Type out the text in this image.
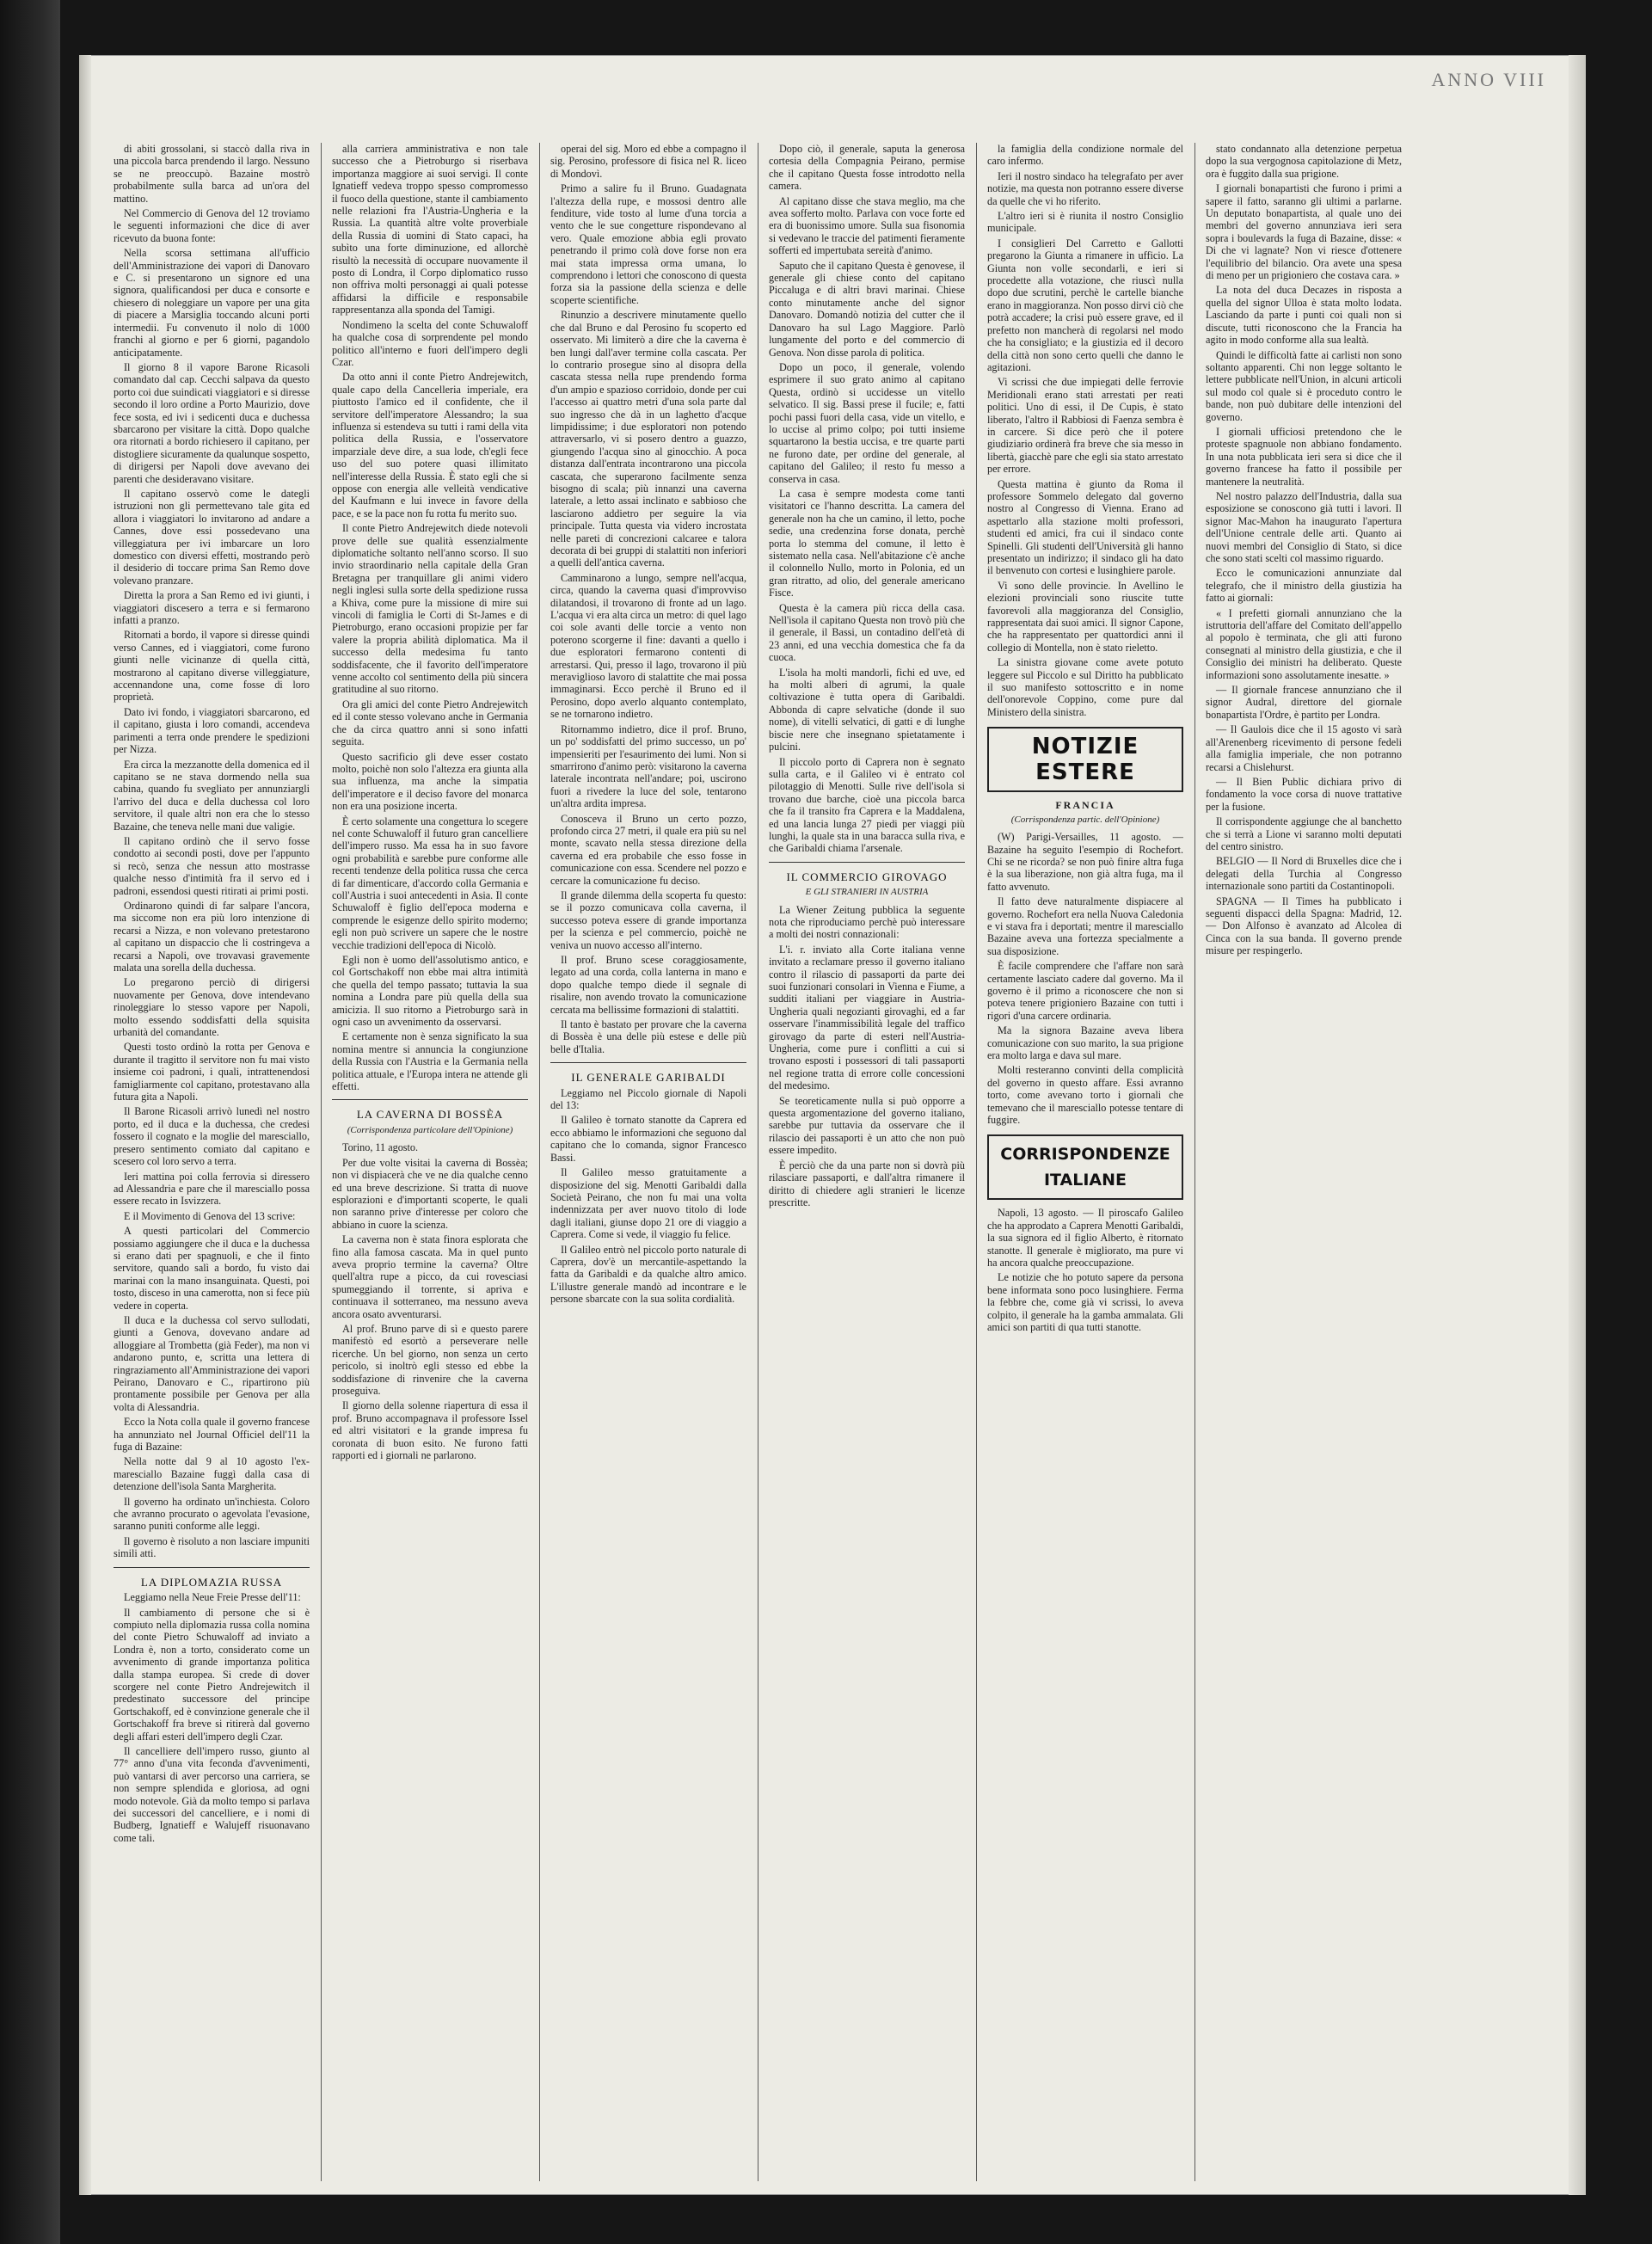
ANNO VIII

di abiti grossolani, si staccò dalla riva in una piccola barca prendendo il largo. Nessuno se ne preoccupò. Bazaine mostrò probabilmente sulla barca ad un'ora del mattino.

Nel Commercio di Genova del 12 troviamo le seguenti informazioni che dice di aver ricevuto da buona fonte:

Nella scorsa settimana all'ufficio dell'Amministrazione dei vapori di Danovaro e C. si presentarono un signore ed una signora, qualificandosi per duca e consorte e chiesero di noleggiare un vapore per una gita di piacere a Marsiglia toccando alcuni porti intermedii. Fu convenuto il nolo di 1000 franchi al giorno e per 6 giorni, pagandolo anticipatamente.

Il giorno 8 il vapore Barone Ricasoli comandato dal cap. Cecchi salpava da questo porto coi due suindicati viaggiatori e si diresse secondo il loro ordine a Porto Maurizio, dove fece sosta, ed ivi i sedicenti duca e duchessa sbarcarono per visitare la città. Dopo qualche ora ritornati a bordo richiesero il capitano, per distogliere sicuramente da qualunque sospetto, di dirigersi per Napoli dove avevano dei parenti che desideravano visitare.

Il capitano osservò come le dategli istruzioni non gli permettevano tale gita ed allora i viaggiatori lo invitarono ad andare a Cannes, dove essi possedevano una villeggiatura per ivi imbarcare un loro domestico con diversi effetti, mostrando però il desiderio di toccare prima San Remo dove volevano pranzare.

Diretta la prora a San Remo ed ivi giunti, i viaggiatori discesero a terra e si fermarono infatti a pranzo.

Ritornati a bordo, il vapore si diresse quindi verso Cannes, ed i viaggiatori, come furono giunti nelle vicinanze di quella città, mostrarono al capitano diverse villeggiature, accennandone una, come fosse di loro proprietà.

Dato ivi fondo, i viaggiatori sbarcarono, ed il capitano, giusta i loro comandi, accendeva parimenti a terra onde prendere le spedizioni per Nizza.

Era circa la mezzanotte della domenica ed il capitano se ne stava dormendo nella sua cabina, quando fu svegliato per annunziargli l'arrivo del duca e della duchessa col loro servitore, il quale altri non era che lo stesso Bazaine, che teneva nelle mani due valigie.

Il capitano ordinò che il servo fosse condotto ai secondi posti, dove per l'appunto si recò, senza che nessun atto mostrasse qualche nesso d'intimità fra il servo ed i padroni, essendosi questi ritirati ai primi posti.

Ordinarono quindi di far salpare l'ancora, ma siccome non era più loro intenzione di recarsi a Nizza, e non volevano pretestarono al capitano un dispaccio che li costringeva a recarsi a Napoli, ove trovavasi gravemente malata una sorella della duchessa.

Lo pregarono perciò di dirigersi nuovamente per Genova, dove intendevano rinoleggiare lo stesso vapore per Napoli, molto essendo soddisfatti della squisita urbanità del comandante.

Questi tosto ordinò la rotta per Genova e durante il tragitto il servitore non fu mai visto insieme coi padroni, i quali, intrattenendosi famigliarmente col capitano, protestavano alla futura gita a Napoli.

Il Barone Ricasoli arrivò lunedì nel nostro porto, ed il duca e la duchessa, che credesi fossero il cognato e la moglie del maresciallo, presero sentimento comiato dal capitano e scesero col loro servo a terra.

Ieri mattina poi colla ferrovia si diressero ad Alessandria e pare che il maresciallo possa essere recato in Isvizzera.

E il Movimento di Genova del 13 scrive:

A questi particolari del Commercio possiamo aggiungere che il duca e la duchessa si erano dati per spagnuoli, e che il finto servitore, quando salì a bordo, fu visto dai marinai con la mano insanguinata. Questi, poi tosto, disceso in una camerotta, non si fece più vedere in coperta.

Il duca e la duchessa col servo sullodati, giunti a Genova, dovevano andare ad alloggiare al Trombetta (già Feder), ma non vi andarono punto, e, scritta una lettera di ringraziamento all'Amministrazione dei vapori Peirano, Danovaro e C., ripartirono più prontamente possibile per Genova per alla volta di Alessandria.

Ecco la Nota colla quale il governo francese ha annunziato nel Journal Officiel dell'11 la fuga di Bazaine:

Nella notte dal 9 al 10 agosto l'ex-maresciallo Bazaine fuggì dalla casa di detenzione dell'isola Santa Margherita.

Il governo ha ordinato un'inchiesta. Coloro che avranno procurato o agevolata l'evasione, saranno puniti conforme alle leggi.

Il governo è risoluto a non lasciare impuniti simili atti.

LA DIPLOMAZIA RUSSA

Leggiamo nella Neue Freie Presse dell'11:

Il cambiamento di persone che si è compiuto nella diplomazia russa colla nomina del conte Pietro Schuwaloff ad inviato a Londra è, non a torto, considerato come un avvenimento di grande importanza politica dalla stampa europea. Si crede di dover scorgere nel conte Pietro Andrejewitch il predestinato successore del principe Gortschakoff, ed è convinzione generale che il Gortschakoff fra breve si ritirerà dal governo degli affari esteri dell'impero degli Czar.

Il cancelliere dell'impero russo, giunto al 77° anno d'una vita feconda d'avvenimenti, può vantarsi di aver percorso una carriera, se non sempre splendida e gloriosa, ad ogni modo notevole. Già da molto tempo si parlava dei successori del cancelliere, e i nomi di Budberg, Ignatieff e Walujeff risuonavano come tali.

alla carriera amministrativa e non tale successo che a Pietroburgo si riserbava importanza maggiore ai suoi servigi. Il conte Ignatieff vedeva troppo spesso compromesso il fuoco della questione, stante il cambiamento nelle relazioni fra l'Austria-Ungheria e la Russia. La quantità altre volte proverbiale della Russia di uomini di Stato capaci, ha subìto una forte diminuzione, ed allorchè risultò la necessità di occupare nuovamente il posto di Londra, il Corpo diplomatico russo non offriva molti personaggi ai quali potesse affidarsi la difficile e responsabile rappresentanza alla sponda del Tamigi.

Nondimeno la scelta del conte Schuwaloff ha qualche cosa di sorprendente pel mondo politico all'interno e fuori dell'impero degli Czar.

Da otto anni il conte Pietro Andrejewitch, quale capo della Cancelleria imperiale, era piuttosto l'amico ed il confidente, che il servitore dell'imperatore Alessandro; la sua influenza si estendeva su tutti i rami della vita politica della Russia, e l'osservatore imparziale deve dire, a sua lode, ch'egli fece uso del suo potere quasi illimitato nell'interesse della Russia. È stato egli che si oppose con energia alle velleità vendicative del Kaufmann e lui invece in favore della pace, e se la pace non fu rotta fu merito suo.

Il conte Pietro Andrejewitch diede notevoli prove delle sue qualità essenzialmente diplomatiche soltanto nell'anno scorso. Il suo invio straordinario nella capitale della Gran Bretagna per tranquillare gli animi videro negli inglesi sulla sorte della spedizione russa a Khiva, come pure la missione di mire sui vincoli di famiglia le Corti di St-James e di Pietroburgo, erano occasioni propizie per far valere la propria abilità diplomatica. Ma il successo della medesima fu tanto soddisfacente, che il favorito dell'imperatore venne accolto col sentimento della più sincera gratitudine al suo ritorno.

Ora gli amici del conte Pietro Andrejewitch ed il conte stesso volevano anche in Germania che da circa quattro anni si sono infatti seguita.

Questo sacrificio gli deve esser costato molto, poichè non solo l'altezza era giunta alla sua influenza, ma anche la simpatia dell'imperatore e il deciso favore del monarca non era una posizione incerta.

È certo solamente una congettura lo scegere nel conte Schuwaloff il futuro gran cancelliere dell'impero russo. Ma essa ha in suo favore ogni probabilità e sarebbe pure conforme alle recenti tendenze della politica russa che cerca di far dimenticare, d'accordo colla Germania e coll'Austria i suoi antecedenti in Asia. Il conte Schuwaloff è figlio dell'epoca moderna e comprende le esigenze dello spirito moderno; egli non può scrivere un sapere che le nostre vecchie tradizioni dell'epoca di Nicolò.

Egli non è uomo dell'assolutismo antico, e col Gortschakoff non ebbe mai altra intimità che quella del tempo passato; tuttavia la sua nomina a Londra pare più quella della sua amicizia. Il suo ritorno a Pietroburgo sarà in ogni caso un avvenimento da osservarsi.

E certamente non è senza significato la sua nomina mentre si annuncia la congiunzione della Russia con l'Austria e la Germania nella politica attuale, e l'Europa intera ne attende gli effetti.

LA CAVERNA DI BOSSÈA
(Corrispondenza particolare dell'Opinione)

Torino, 11 agosto.

Per due volte visitai la caverna di Bossèa; non vi dispiacerà che ve ne dia qualche cenno ed una breve descrizione. Si tratta di nuove esplorazioni e d'importanti scoperte, le quali non saranno prive d'interesse per coloro che abbiano in cuore la scienza.

La caverna non è stata finora esplorata che fino alla famosa cascata. Ma in quel punto aveva proprio termine la caverna? Oltre quell'altra rupe a picco, da cui rovesciasi spumeggiando il torrente, si apriva e continuava il sotterraneo, ma nessuno aveva ancora osato avventurarsi.

Al prof. Bruno parve di sì e questo parere manifestò ed esortò a perseverare nelle ricerche. Un bel giorno, non senza un certo pericolo, si inoltrò egli stesso ed ebbe la soddisfazione di rinvenire che la caverna proseguiva.

Il giorno della solenne riapertura di essa il prof. Bruno accompagnava il professore Issel ed altri visitatori e la grande impresa fu coronata di buon esito. Ne furono fatti rapporti ed i giornali ne parlarono.

operai del sig. Moro ed ebbe a compagno il sig. Perosino, professore di fisica nel R. liceo di Mondovì.

Primo a salire fu il Bruno. Guadagnata l'altezza della rupe, e mossosi dentro alle fenditure, vide tosto al lume d'una torcia a vento che le sue congetture rispondevano al vero. Quale emozione abbia egli provato penetrando il primo colà dove forse non era mai stata impressa orma umana, lo comprendono i lettori che conoscono di questa forza sia la passione della scienza e delle scoperte scientifiche.

Rinunzio a descrivere minutamente quello che dal Bruno e dal Perosino fu scoperto ed osservato. Mi limiterò a dire che la caverna è ben lungi dall'aver termine colla cascata. Per lo contrario prosegue sino al disopra della cascata stessa nella rupe prendendo forma d'un ampio e spazioso corridoio, donde per cui l'accesso ai quattro metri d'una sola parte dal suo ingresso che dà in un laghetto d'acque limpidissime; i due esploratori non potendo attraversarlo, vi si posero dentro a guazzo, giungendo l'acqua sino al ginocchio. A poca distanza dall'entrata incontrarono una piccola cascata, che superarono facilmente senza bisogno di scala; più innanzi una caverna laterale, a letto assai inclinato e sabbioso che lasciarono addietro per seguire la via principale. Tutta questa via videro incrostata nelle pareti di concrezioni calcaree e talora decorata di bei gruppi di stalattiti non inferiori a quelli dell'antica caverna.

Camminarono a lungo, sempre nell'acqua, circa, quando la caverna quasi d'improvviso dilatandosi, il trovarono di fronte ad un lago. L'acqua vi era alta circa un metro: di quel lago coi sole avanti delle torcie a vento non poterono scorgerne il fine: davanti a quello i due esploratori fermarono contenti di arrestarsi. Qui, presso il lago, trovarono il più meraviglioso lavoro di stalattite che mai possa immaginarsi. Ecco perchè il Bruno ed il Perosino, dopo averlo alquanto contemplato, se ne tornarono indietro.

Ritornammo indietro, dice il prof. Bruno, un po' soddisfatti del primo successo, un po' impensieriti per l'esaurimento dei lumi. Non si smarrirono d'animo però: visitarono la caverna laterale incontrata nell'andare; poi, uscirono fuori a rivedere la luce del sole, tentarono un'altra ardita impresa.

Conosceva il Bruno un certo pozzo, profondo circa 27 metri, il quale era più su nel monte, scavato nella stessa direzione della caverna ed era probabile che esso fosse in comunicazione con essa. Scendere nel pozzo e cercare la comunicazione fu deciso.

Il grande dilemma della scoperta fu questo: se il pozzo comunicava colla caverna, il successo poteva essere di grande importanza per la scienza e pel commercio, poichè ne veniva un nuovo accesso all'interno.

Il prof. Bruno scese coraggiosamente, legato ad una corda, colla lanterna in mano e dopo qualche tempo diede il segnale di risalire, non avendo trovato la comunicazione cercata ma bellissime formazioni di stalattiti.

Il tanto è bastato per provare che la caverna di Bossèa è una delle più estese e delle più belle d'Italia.

IL GENERALE GARIBALDI

Leggiamo nel Piccolo giornale di Napoli del 13:

Il Galileo è tornato stanotte da Caprera ed ecco abbiamo le informazioni che seguono dal capitano che lo comanda, signor Francesco Bassi.

Il Galileo messo gratuitamente a disposizione del sig. Menotti Garibaldi dalla Società Peirano, che non fu mai una volta indennizzata per aver nuovo titolo di lode dagli italiani, giunse dopo 21 ore di viaggio a Caprera. Come si vede, il viaggio fu felice.

Il Galileo entrò nel piccolo porto naturale di Caprera, dov'è un mercantile-aspettando la fatta da Garibaldi e da qualche altro amico. L'illustre generale mandò ad incontrare e le persone sbarcate con la sua solita cordialità.

Dopo ciò, il generale, saputa la generosa cortesia della Compagnia Peirano, permise che il capitano Questa fosse introdotto nella camera.

Al capitano disse che stava meglio, ma che avea sofferto molto. Parlava con voce forte ed era di buonissimo umore. Sulla sua fisonomia si vedevano le traccie del patimenti fieramente sofferti ed impertubata sereità d'animo.

Saputo che il capitano Questa è genovese, il generale gli chiese conto del capitano Piccaluga e di altri bravi marinai. Chiese conto minutamente anche del signor Danovaro. Domandò notizia del cutter che il Danovaro ha sul Lago Maggiore. Parlò lungamente del porto e del commercio di Genova. Non disse parola di politica.

Dopo un poco, il generale, volendo esprimere il suo grato animo al capitano Questa, ordinò si uccidesse un vitello selvatico. Il sig. Bassi prese il fucile; e, fatti pochi passi fuori della casa, vide un vitello, e lo uccise al primo colpo; poi tutti insieme squartarono la bestia uccisa, e tre quarte parti ne furono date, per ordine del generale, al capitano del Galileo; il resto fu messo a conserva in casa.

La casa è sempre modesta come tanti visitatori ce l'hanno descritta. La camera del generale non ha che un camino, il letto, poche sedie, una credenzina forse donata, perchè porta lo stemma del comune, il letto è sistemato nella casa. Nell'abitazione c'è anche il colonnello Nullo, morto in Polonia, ed un gran ritratto, ad olio, del generale americano Fisce.

Questa è la camera più ricca della casa. Nell'isola il capitano Questa non trovò più che il generale, il Bassi, un contadino dell'età di 23 anni, ed una vecchia domestica che fa da cuoca.

L'isola ha molti mandorli, fichi ed uve, ed ha molti alberi di agrumi, la quale coltivazione è tutta opera di Garibaldi. Abbonda di capre selvatiche (donde il suo nome), di vitelli selvatici, di gatti e di lunghe biscie nere che insegnano spietatamente i pulcini.

Il piccolo porto di Caprera non è segnato sulla carta, e il Galileo vi è entrato col pilotaggio di Menotti. Sulle rive dell'isola si trovano due barche, cioè una piccola barca che fa il transito fra Caprera e la Maddalena, ed una lancia lunga 27 piedi per viaggi più lunghi, la quale sta in una baracca sulla riva, e che Garibaldi chiama l'arsenale.

IL COMMERCIO GIROVAGO
E GLI STRANIERI IN AUSTRIA

La Wiener Zeitung pubblica la seguente nota che riproduciamo perchè può interessare a molti dei nostri connazionali:

L'i. r. inviato alla Corte italiana venne invitato a reclamare presso il governo italiano contro il rilascio di passaporti da parte dei suoi funzionari consolari in Vienna e Fiume, a sudditi italiani per viaggiare in Austria-Ungheria quali negozianti girovaghi, ed a far osservare l'inammissibilità legale del traffico girovago da parte di esteri nell'Austria-Ungheria, come pure i conflitti a cui si trovano esposti i possessori di tali passaporti nel regione tratta di errore colle concessioni del medesimo.

Se teoreticamente nulla si può opporre a questa argomentazione del governo italiano, sarebbe pur tuttavia da osservare che il rilascio dei passaporti è un atto che non può essere impedito.

È perciò che da una parte non si dovrà più rilasciare passaporti, e dall'altra rimanere il diritto di chiedere agli stranieri le licenze prescritte.

la famiglia della condizione normale del caro infermo.

Ieri il nostro sindaco ha telegrafato per aver notizie, ma questa non potranno essere diverse da quelle che vi ho riferito.

L'altro ieri si è riunita il nostro Consiglio municipale.

I consiglieri Del Carretto e Gallotti pregarono la Giunta a rimanere in ufficio. La Giunta non volle secondarli, e ieri si procedette alla votazione, che riuscì nulla dopo due scrutini, perchè le cartelle bianche erano in maggioranza. Non posso dirvi ciò che potrà accadere; la crisi può essere grave, ed il prefetto non mancherà di regolarsi nel modo che ha consigliato; e la giustizia ed il decoro della città non sono certo quelli che danno le agitazioni.

Vi scrissi che due impiegati delle ferrovie Meridionali erano stati arrestati per reati politici. Uno di essi, il De Cupis, è stato liberato, l'altro il Rabbiosi di Faenza sembra è in carcere. Si dice però che il potere giudiziario ordinerà fra breve che sia messo in libertà, giacchè pare che egli sia stato arrestato per errore.

Questa mattina è giunto da Roma il professore Sommelo delegato dal governo nostro al Congresso di Vienna. Erano ad aspettarlo alla stazione molti professori, studenti ed amici, fra cui il sindaco conte Spinelli. Gli studenti dell'Università gli hanno presentato un indirizzo; il sindaco gli ha dato il benvenuto con cortesi e lusinghiere parole.

Vi sono delle provincie. In Avellino le elezioni provinciali sono riuscite tutte favorevoli alla maggioranza del Consiglio, rappresentata dai suoi amici. Il signor Capone, che ha rappresentato per quattordici anni il collegio di Montella, non è stato rieletto.

La sinistra giovane come avete potuto leggere sul Piccolo e sul Diritto ha pubblicato il suo manifesto sottoscritto e in nome dell'onorevole Coppino, come pure dal Ministero della sinistra.

NOTIZIE ESTERE
FRANCIA
(Corrispondenza partic. dell'Opinione)

(W) Parigi-Versailles, 11 agosto. — Bazaine ha seguito l'esempio di Rochefort. Chi se ne ricorda? se non può finire altra fuga è la sua liberazione, non già altra fuga, ma il fatto avvenuto.

Il fatto deve naturalmente dispiacere al governo. Rochefort era nella Nuova Caledonia e vi stava fra i deportati; mentre il maresciallo Bazaine aveva una fortezza specialmente a sua disposizione.

È facile comprendere che l'affare non sarà certamente lasciato cadere dal governo. Ma il governo è il primo a riconoscere che non si poteva tenere prigioniero Bazaine con tutti i rigori d'una carcere ordinaria.

Ma la signora Bazaine aveva libera comunicazione con suo marito, la sua prigione era molto larga e dava sul mare.

Molti resteranno convinti della complicità del governo in questo affare. Essi avranno torto, come avevano torto i giornali che temevano che il maresciallo potesse tentare di fuggire.

CORRISPONDENZE ITALIANE

Napoli, 13 agosto. — Il piroscafo Galileo che ha approdato a Caprera Menotti Garibaldi, la sua signora ed il figlio Alberto, è ritornato stanotte. Il generale è migliorato, ma pure vi ha ancora qualche preoccupazione.

Le notizie che ho potuto sapere da persona bene informata sono poco lusinghiere. Ferma la febbre che, come già vi scrissi, lo aveva colpito, il generale ha la gamba ammalata. Gli amici son partiti di qua tutti stanotte.

stato condannato alla detenzione perpetua dopo la sua vergognosa capitolazione di Metz, ora è fuggito dalla sua prigione.

I giornali bonapartisti che furono i primi a sapere il fatto, saranno gli ultimi a parlarne. Un deputato bonapartista, al quale uno dei membri del governo annunziava ieri sera sopra i boulevards la fuga di Bazaine, disse: « Di che vi lagnate? Non vi riesce d'ottenere l'equilibrio del bilancio. Ora avete una spesa di meno per un prigioniero che costava cara. »

La nota del duca Decazes in risposta a quella del signor Ulloa è stata molto lodata. Lasciando da parte i punti coi quali non si discute, tutti riconoscono che la Francia ha agito in modo conforme alla sua lealtà.

Quindi le difficoltà fatte ai carlisti non sono soltanto apparenti. Chi non legge soltanto le lettere pubblicate nell'Union, in alcuni articoli sul modo col quale si è proceduto contro le bande, non può dubitare delle intenzioni del governo.

I giornali ufficiosi pretendono che le proteste spagnuole non abbiano fondamento. In una nota pubblicata ieri sera si dice che il governo francese ha fatto il possibile per mantenere la neutralità.

Nel nostro palazzo dell'Industria, dalla sua esposizione se conoscono già tutti i lavori. Il signor Mac-Mahon ha inaugurato l'apertura dell'Unione centrale delle arti. Quanto ai nuovi membri del Consiglio di Stato, si dice che sono stati scelti col massimo riguardo.

Ecco le comunicazioni annunziate dal telegrafo, che il ministro della giustizia ha fatto ai giornali:

« I prefetti giornali annunziano che la istruttoria dell'affare del Comitato dell'appello al popolo è terminata, che gli atti furono consegnati al ministro della giustizia, e che il Consiglio dei ministri ha deliberato. Queste informazioni sono assolutamente inesatte. »

— Il giornale francese annunziano che il signor Audral, direttore del giornale bonapartista l'Ordre, è partito per Londra.

— Il Gaulois dice che il 15 agosto vi sarà all'Arenenberg ricevimento di persone fedeli alla famiglia imperiale, che non potranno recarsi a Chislehurst.

— Il Bien Public dichiara privo di fondamento la voce corsa di nuove trattative per la fusione.

Il corrispondente aggiunge che al banchetto che si terrà a Lione vi saranno molti deputati del centro sinistro.

BELGIO — Il Nord di Bruxelles dice che i delegati della Turchia al Congresso internazionale sono partiti da Costantinopoli.

SPAGNA — Il Times ha pubblicato i seguenti dispacci della Spagna: Madrid, 12. — Don Alfonso è avanzato ad Alcolea di Cinca con la sua banda. Il governo prende misure per respingerlo.
